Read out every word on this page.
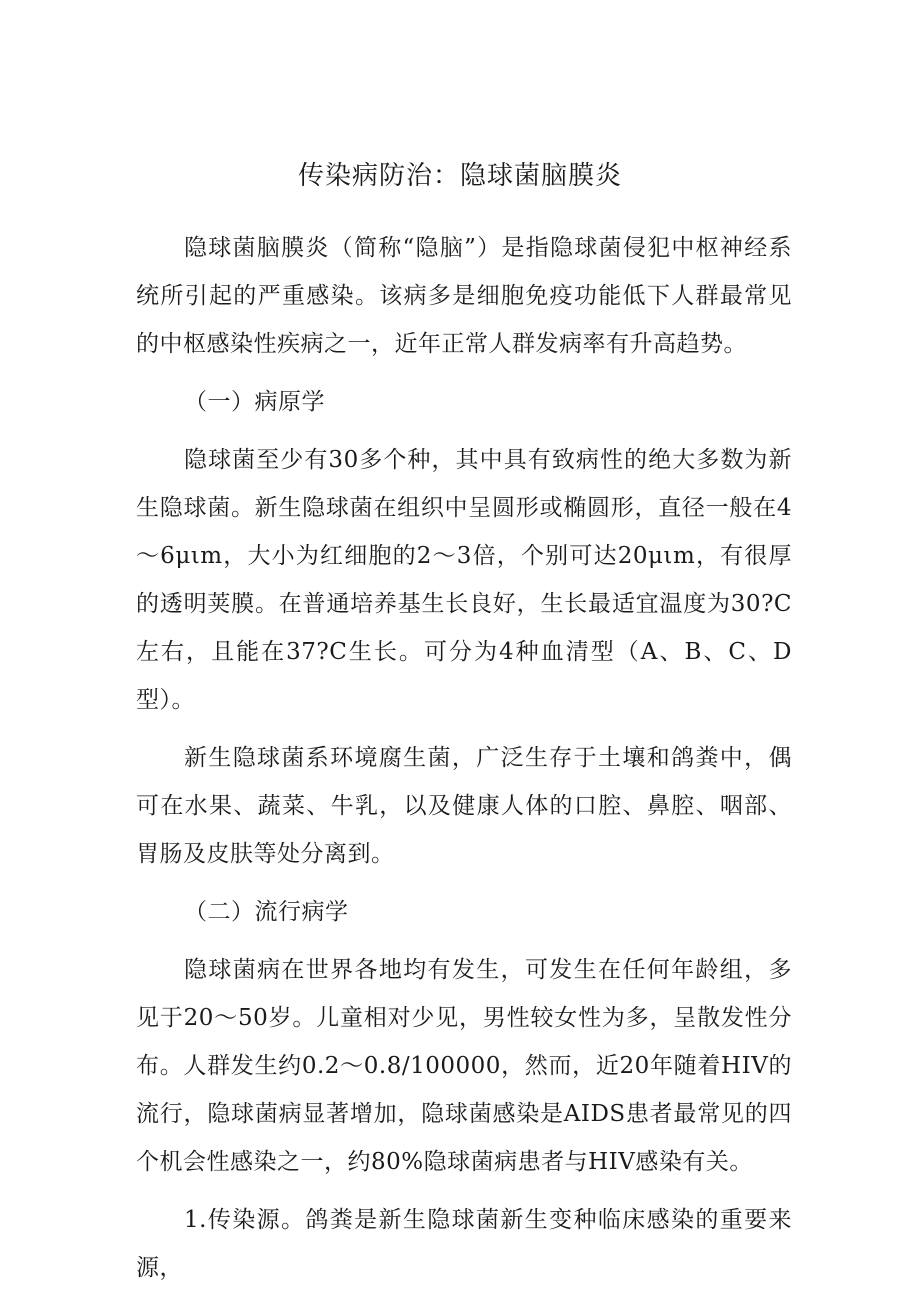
传染病防治：隐球菌脑膜炎

隐球菌脑膜炎（简称“隐脑”）是指隐球菌侵犯中枢神经系统所引起的严重感染。该病多是细胞免疫功能低下人群最常见的中枢感染性疾病之一，近年正常人群发病率有升高趋势。

（一）病原学

隐球菌至少有30多个种，其中具有致病性的绝大多数为新生隐球菌。新生隐球菌在组织中呈圆形或椭圆形，直径一般在4～6μιm，大小为红细胞的2～3倍，个别可达20μιm，有很厚的透明荚膜。在普通培养基生长良好，生长最适宜温度为30?C左右，且能在37?C生长。可分为4种血清型（A、B、C、D型）。

新生隐球菌系环境腐生菌，广泛生存于土壤和鸽粪中，偶可在水果、蔬菜、牛乳，以及健康人体的口腔、鼻腔、咽部、胃肠及皮肤等处分离到。

（二）流行病学

隐球菌病在世界各地均有发生，可发生在任何年龄组，多见于20～50岁。儿童相对少见，男性较女性为多，呈散发性分布。人群发生约0.2～0.8/100000，然而，近20年随着HIV的流行，隐球菌病显著增加，隐球菌感染是AIDS患者最常见的四个机会性感染之一，约80%隐球菌病患者与HIV感染有关。

1.传染源。鸽粪是新生隐球菌新生变种临床感染的重要来源，
